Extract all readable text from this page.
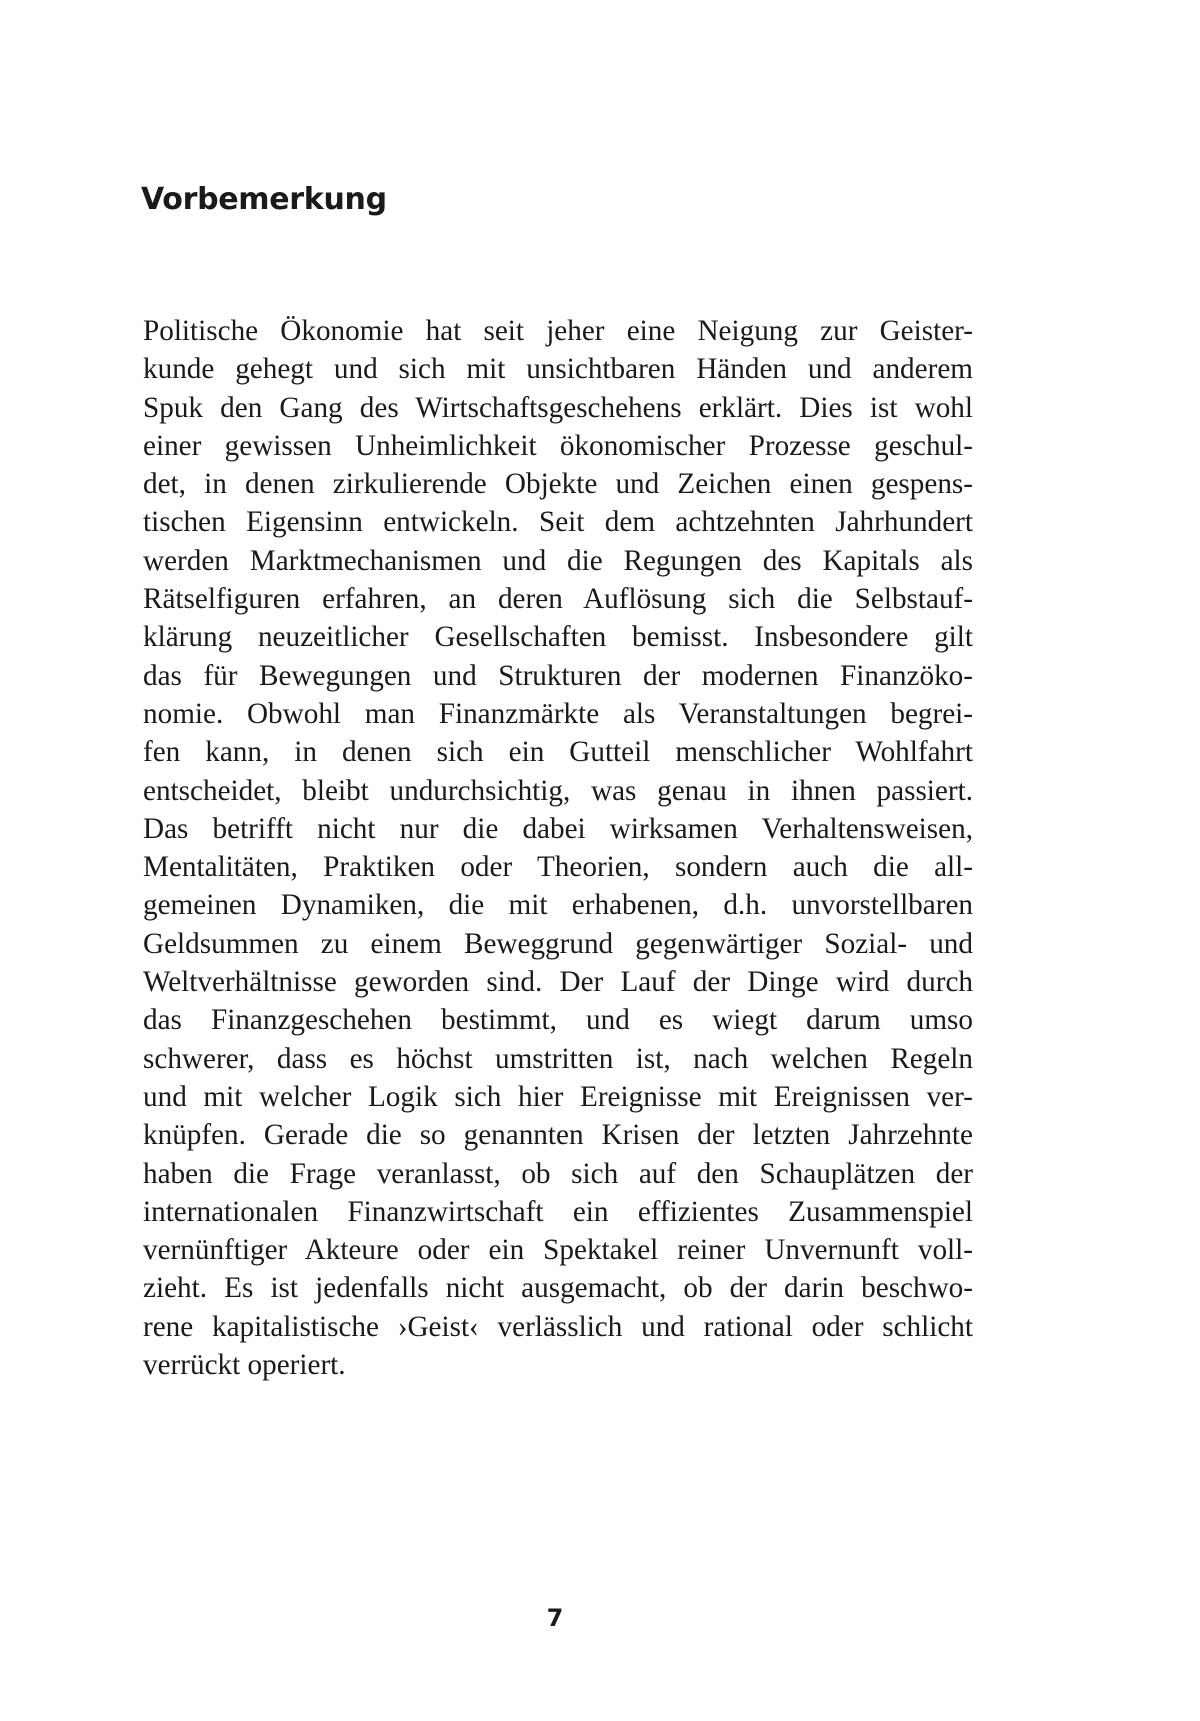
Vorbemerkung
Politische Ökonomie hat seit jeher eine Neigung zur Geister-
kunde gehegt und sich mit unsichtbaren Händen und anderem
Spuk den Gang des Wirtschaftsgeschehens erklärt. Dies ist wohl
einer gewissen Unheimlichkeit ökonomischer Prozesse geschul-
det, in denen zirkulierende Objekte und Zeichen einen gespens-
tischen Eigensinn entwickeln. Seit dem achtzehnten Jahrhundert
werden Marktmechanismen und die Regungen des Kapitals als
Rätselfiguren erfahren, an deren Auflösung sich die Selbstauf-
klärung neuzeitlicher Gesellschaften bemisst. Insbesondere gilt
das für Bewegungen und Strukturen der modernen Finanzöko-
nomie. Obwohl man Finanzmärkte als Veranstaltungen begrei-
fen kann, in denen sich ein Gutteil menschlicher Wohlfahrt
entscheidet, bleibt undurchsichtig, was genau in ihnen passiert.
Das betrifft nicht nur die dabei wirksamen Verhaltensweisen,
Mentalitäten, Praktiken oder Theorien, sondern auch die all-
gemeinen Dynamiken, die mit erhabenen, d.h. unvorstellbaren
Geldsummen zu einem Beweggrund gegenwärtiger Sozial- und
Weltverhältnisse geworden sind. Der Lauf der Dinge wird durch
das Finanzgeschehen bestimmt, und es wiegt darum umso
schwerer, dass es höchst umstritten ist, nach welchen Regeln
und mit welcher Logik sich hier Ereignisse mit Ereignissen ver-
knüpfen. Gerade die so genannten Krisen der letzten Jahrzehnte
haben die Frage veranlasst, ob sich auf den Schauplätzen der
internationalen Finanzwirtschaft ein effizientes Zusammenspiel
vernünftiger Akteure oder ein Spektakel reiner Unvernunft voll-
zieht. Es ist jedenfalls nicht ausgemacht, ob der darin beschwo-
rene kapitalistische ›Geist‹ verlässlich und rational oder schlicht
verrückt operiert.
7
